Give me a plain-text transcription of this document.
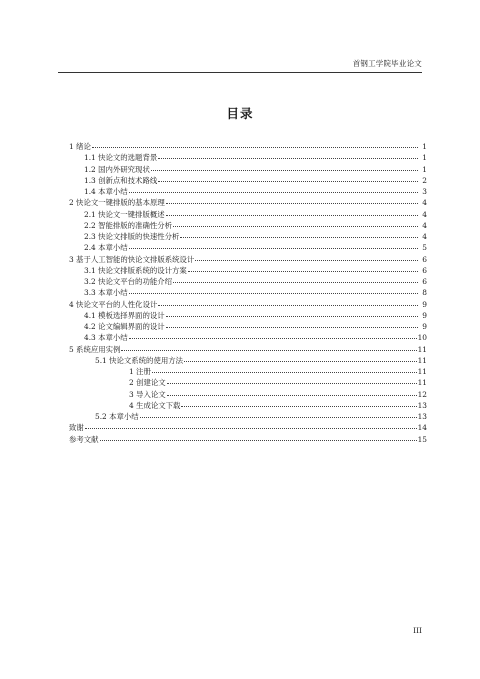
首钢工学院毕业论文
目录
1 绪论	1
1.1 快论文的选题背景	1
1.2 国内外研究现状	1
1.3 创新点和技术路线	2
1.4 本章小结	3
2 快论文一键排版的基本原理	4
2.1 快论文一键排版概述	4
2.2 智能排版的准确性分析	4
2.3 快论文排版的快速性分析	4
2.4 本章小结	5
3 基于人工智能的快论文排版系统设计	6
3.1 快论文排版系统的设计方案	6
3.2 快论文平台的功能介绍	6
3.3 本章小结	8
4 快论文平台的人性化设计	9
4.1 模板选择界面的设计	9
4.2 论文编辑界面的设计	9
4.3 本章小结	10
5 系统应用实例	11
5.1 快论文系统的使用方法	11
1 注册	11
2 创建论文	11
3 导入论文	12
4 生成论文下载	13
5.2 本章小结	13
致谢	14
参考文献	15
III
